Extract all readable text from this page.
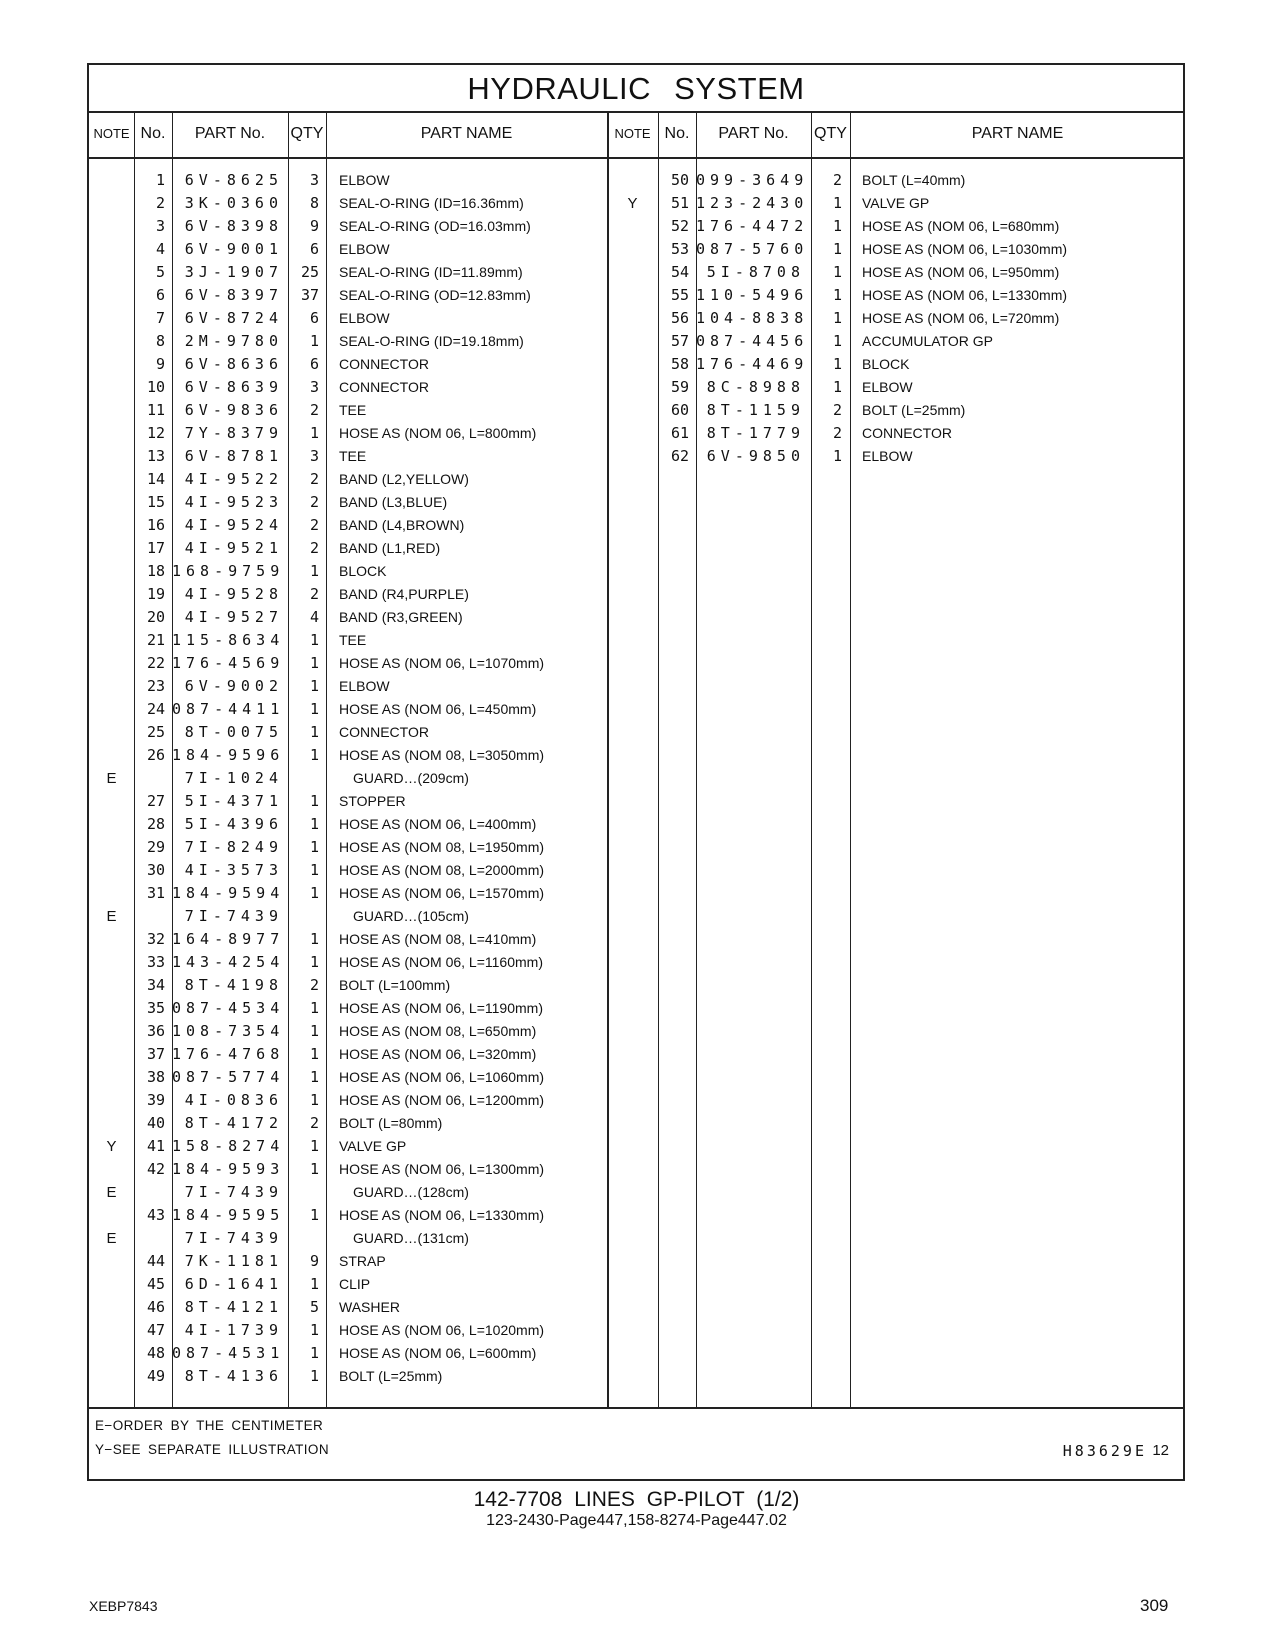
HYDRAULIC SYSTEM
NOTE No.	PART No.	QTY	PART NAME	NOTE No.	PART No.	QTY	PART NAME
1	6V-8625	3 ELBOW
2	3K-0360	8 SEAL-O-RING (ID=16.36mm)
3	6V-8398	9 SEAL-O-RING (OD=16.03mm)
4	6V-9001	6 ELBOW
5	3J-1907	25 SEAL-O-RING (ID=11.89mm)
6	6V-8397	37 SEAL-O-RING (OD=12.83mm)
7	6V-8724	6 ELBOW
8	2M-9780	1 SEAL-O-RING (ID=19.18mm)
9	6V-8636	6 CONNECTOR
10	6V-8639	3 CONNECTOR
11	6V-9836	2 TEE
12	7Y-8379	1 HOSE AS (NOM 06, L=800mm)
13	6V-8781	3 TEE
14	4I-9522	2 BAND (L2,YELLOW)
15	4I-9523	2 BAND (L3,BLUE)
16	4I-9524	2 BAND (L4,BROWN)
17	4I-9521	2 BAND (L1,RED)
18 168-9759	1 BLOCK
19	4I-9528	2 BAND (R4,PURPLE)
20	4I-9527	4 BAND (R3,GREEN)
21 115-8634	1 TEE
22 176-4569	1 HOSE AS (NOM 06, L=1070mm)
23	6V-9002	1 ELBOW
24 087-4411	1 HOSE AS (NOM 06, L=450mm)
25	8T-0075	1 CONNECTOR
26 184-9596	1 HOSE AS (NOM 08, L=3050mm)
E	7I-1024	GUARD…(209cm)
27	5I-4371	1 STOPPER
28	5I-4396	1 HOSE AS (NOM 06, L=400mm)
29	7I-8249	1 HOSE AS (NOM 08, L=1950mm)
30	4I-3573	1 HOSE AS (NOM 08, L=2000mm)
31 184-9594	1 HOSE AS (NOM 06, L=1570mm)
E	7I-7439	GUARD…(105cm)
32 164-8977	1 HOSE AS (NOM 08, L=410mm)
33 143-4254	1 HOSE AS (NOM 06, L=1160mm)
34	8T-4198	2 BOLT (L=100mm)
35 087-4534	1 HOSE AS (NOM 06, L=1190mm)
36 108-7354	1 HOSE AS (NOM 08, L=650mm)
37 176-4768	1 HOSE AS (NOM 06, L=320mm)
38 087-5774	1 HOSE AS (NOM 06, L=1060mm)
39	4I-0836	1 HOSE AS (NOM 06, L=1200mm)
40	8T-4172	2 BOLT (L=80mm)
Y	41 158-8274	1 VALVE GP
42 184-9593	1 HOSE AS (NOM 06, L=1300mm)
E	7I-7439	GUARD…(128cm)
43 184-9595	1 HOSE AS (NOM 06, L=1330mm)
E	7I-7439	GUARD…(131cm)
44	7K-1181	9 STRAP
45	6D-1641	1 CLIP
46	8T-4121	5 WASHER
47	4I-1739	1 HOSE AS (NOM 06, L=1020mm)
48 087-4531	1 HOSE AS (NOM 06, L=600mm)
49	8T-4136	1 BOLT (L=25mm)
50 099-3649	2 BOLT (L=40mm)
Y	51 123-2430	1 VALVE GP
52 176-4472	1 HOSE AS (NOM 06, L=680mm)
53 087-5760	1 HOSE AS (NOM 06, L=1030mm)
54	5I-8708	1 HOSE AS (NOM 06, L=950mm)
55 110-5496	1 HOSE AS (NOM 06, L=1330mm)
56 104-8838	1 HOSE AS (NOM 06, L=720mm)
57 087-4456	1 ACCUMULATOR GP
58 176-4469	1 BLOCK
59	8C-8988	1 ELBOW
60	8T-1159	2 BOLT (L=25mm)
61	8T-1779	2 CONNECTOR
62	6V-9850	1 ELBOW
E−ORDER BY THE CENTIMETER
Y−SEE SEPARATE ILLUSTRATION	H83629E 12
142-7708 LINES GP-PILOT (1/2)
123-2430-Page447,158-8274-Page447.02
XEBP7843	309
